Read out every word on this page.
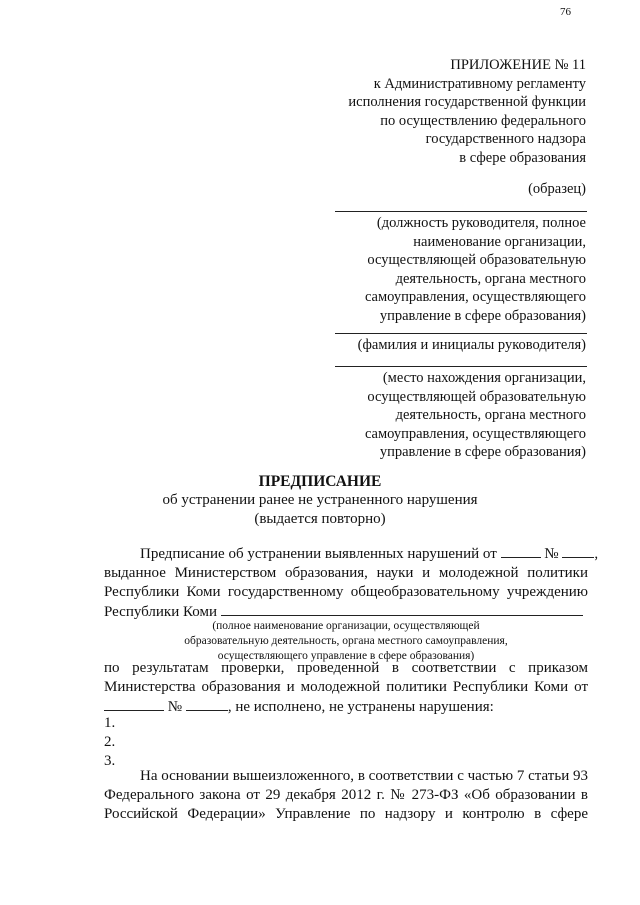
76
ПРИЛОЖЕНИЕ № 11
к Административному регламенту
исполнения государственной функции
по осуществлению федерального
государственного надзора
в сфере образования
(образец)
(должность руководителя, полное
наименование организации,
осуществляющей образовательную
деятельность, органа местного
самоуправления, осуществляющего
управление в сфере образования)
(фамилия и инициалы руководителя)
(место нахождения организации,
осуществляющей образовательную
деятельность, органа местного
самоуправления, осуществляющего
управление в сфере образования)
ПРЕДПИСАНИЕ
об устранении ранее не устраненного нарушения
(выдается повторно)
Предписание об устранении выявленных нарушений от	№ ,
выданное Министерством образования, науки и молодежной политики
Республики Коми государственному общеобразовательному учреждению
Республики Коми
(полное наименование организации, осуществляющей
образовательную деятельность, органа местного самоуправления,
осуществляющего управление в сфере образования)
по результатам проверки, проведенной в соответствии с приказом
Министерства образования и молодежной политики Республики Коми от
№	, не исполнено, не устранены нарушения:
1.
2.
3.
На основании вышеизложенного, в соответствии с частью 7 статьи 93
Федерального закона от 29 декабря 2012 г. № 273-ФЗ «Об образовании в
Российской Федерации» Управление по надзору и контролю в сфере
